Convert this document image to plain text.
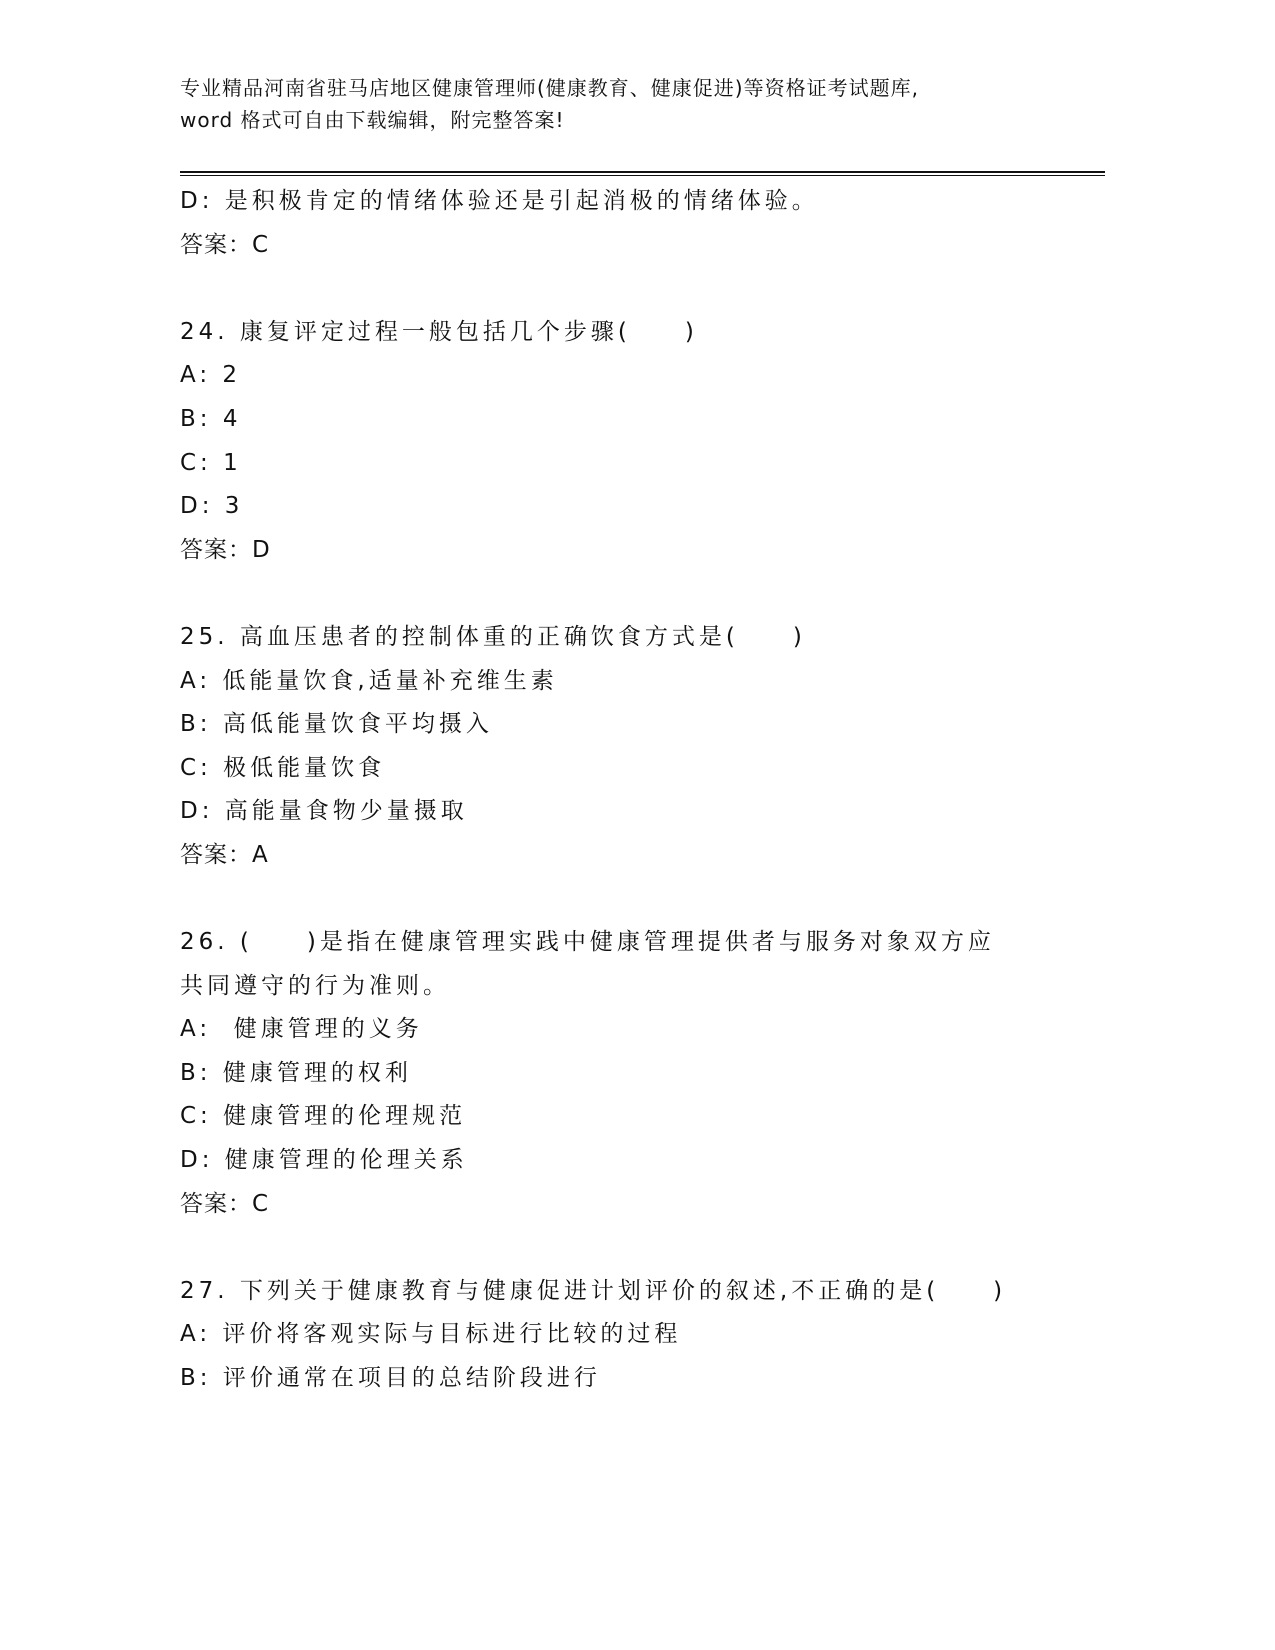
专业精品河南省驻马店地区健康管理师(健康教育、健康促进)等资格证考试题库,
word 格式可自由下载编辑，附完整答案!
D: 是积极肯定的情绪体验还是引起消极的情绪体验。
答案：C
24. 康复评定过程一般包括几个步骤(　　)
A: 2
B: 4
C: 1
D: 3
答案：D
25. 高血压患者的控制体重的正确饮食方式是(　　)
A: 低能量饮食,适量补充维生素
B: 高低能量饮食平均摄入
C: 极低能量饮食
D: 高能量食物少量摄取
答案：A
26. (　　)是指在健康管理实践中健康管理提供者与服务对象双方应
共同遵守的行为准则。
A:  健康管理的义务
B: 健康管理的权利
C: 健康管理的伦理规范
D: 健康管理的伦理关系
答案：C
27. 下列关于健康教育与健康促进计划评价的叙述,不正确的是(　　)
A: 评价将客观实际与目标进行比较的过程
B: 评价通常在项目的总结阶段进行
